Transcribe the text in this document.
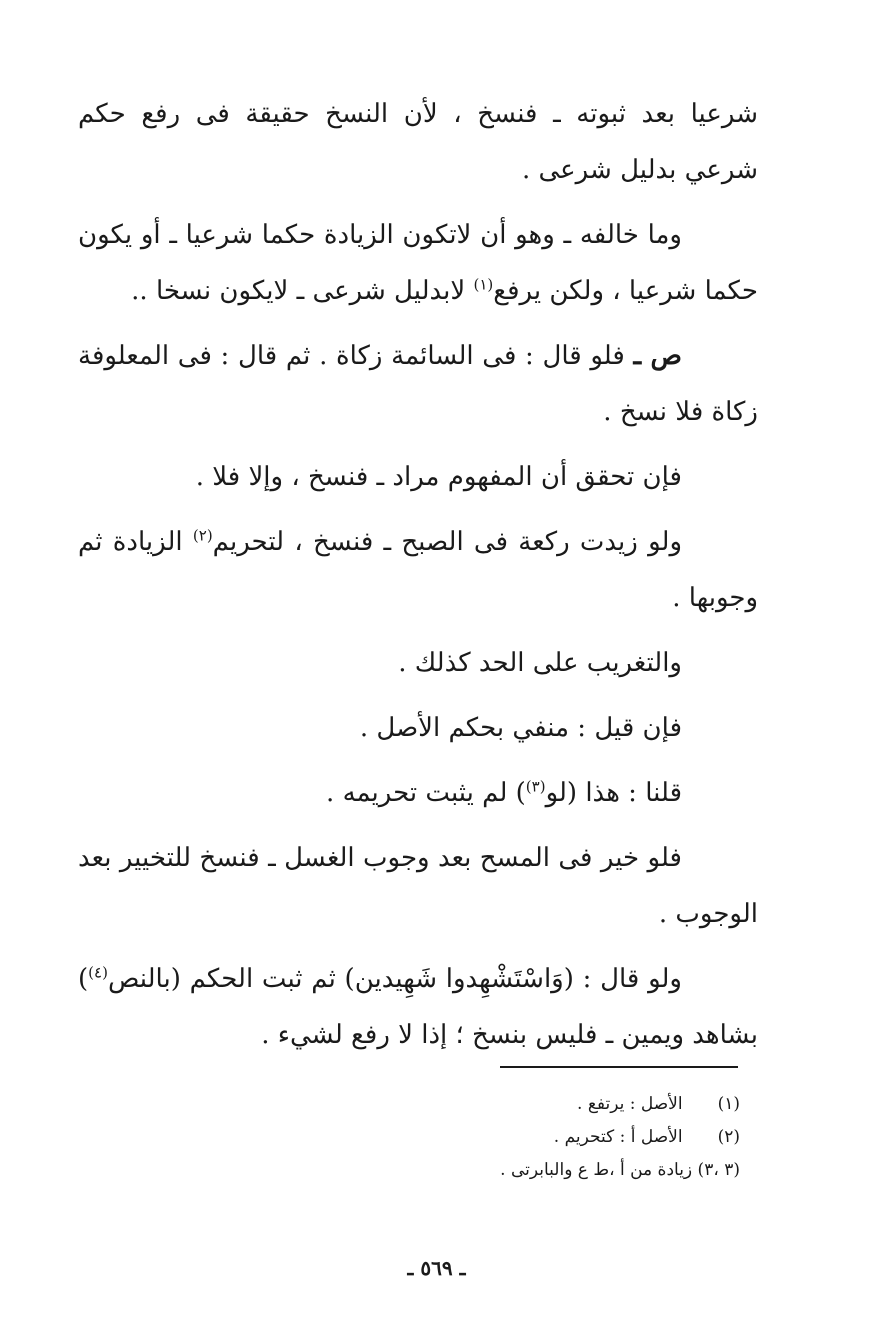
شرعيا بعد ثبوته ـ فنسخ ، لأن النسخ حقيقة فى رفع حكم شرعي بدليل شرعى .

وما خالفه ـ وهو أن لاتكون الزيادة حكما شرعيا ـ أو يكون حكما شرعيا ، ولكن يرفع$^{(١)}$ لابدليل شرعى ـ لايكون نسخا ..

ص ـ فلو قال : فى السائمة زكاة . ثم قال : فى المعلوفة زكاة فلا نسخ .

فإن تحقق أن المفهوم مراد ـ فنسخ ، وإلا فلا .

ولو زيدت ركعة فى الصبح ـ فنسخ ، لتحريم$^{(٢)}$ الزيادة ثم وجوبها .

والتغريب على الحد كذلك .

فإن قيل : منفي بحكم الأصل .

قلنا : هذا (لو$^{(٣)}$) لم يثبت تحريمه .

فلو خير فى المسح بعد وجوب الغسل ـ فنسخ للتخيير بعد الوجوب .

ولو قال : (وَاسْتَشْهِدوا شَهِيدين) ثم ثبت الحكم (بالنص$^{(٤)}$) بشاهد ويمين ـ فليس بنسخ ؛ إذا لا رفع لشيء .

(١) الأصل : يرتفع .
(٢) الأصل أ : كتحريم .
(٣ ،٣) زيادة من أ ،ط ع والبابرتى .
ـ ٥٦٩ ـ
